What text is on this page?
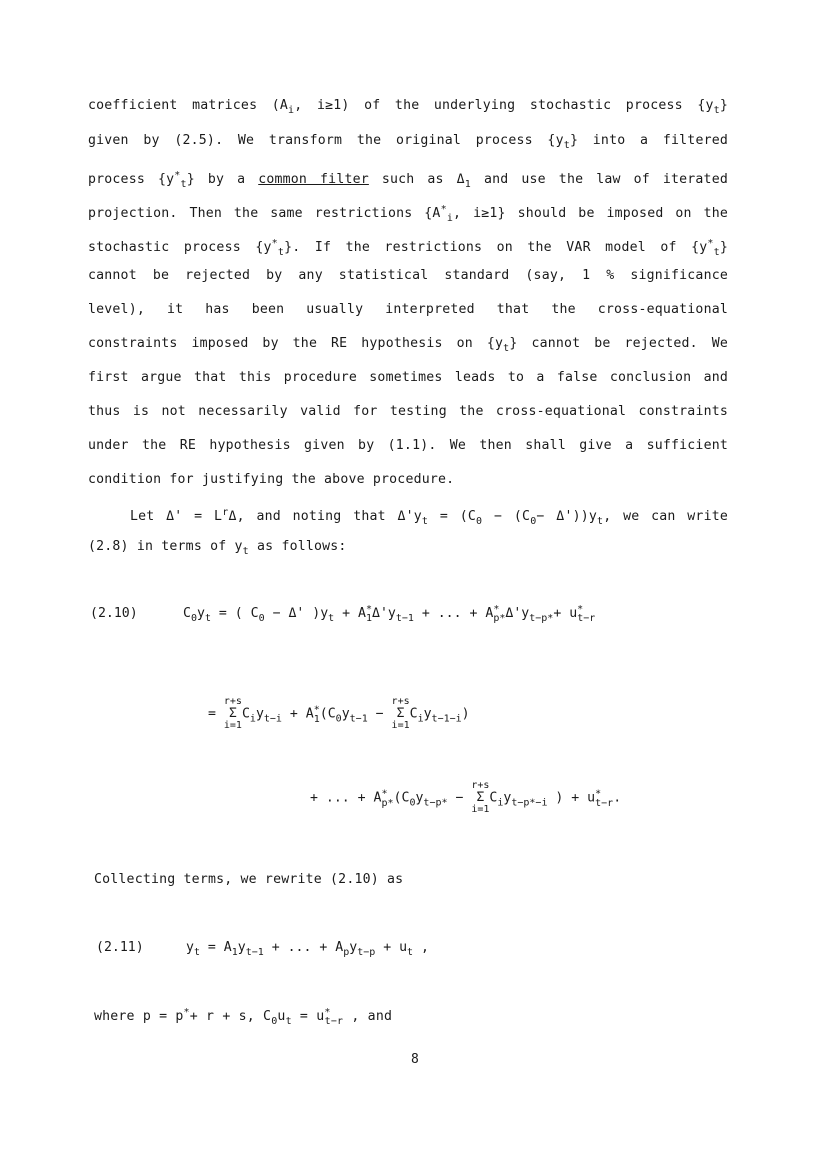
coefficient matrices ($A_i$, i≥1) of the underlying stochastic process $\{y_t\}$
given by (2.5). We transform the original process $\{y_t\}$ into a filtered
process $\{y^*_t\}$ by a common filter such as $\Delta_1$ and use the law of iterated
projection. Then the same restrictions {$A^*_i$, i≥1} should be imposed on the
stochastic process $\{y^*_t\}$. If the restrictions on the VAR model of $\{y^*_t\}$
cannot be rejected by any statistical standard (say, 1 % significance
level), it has been usually interpreted that the cross-equational
constraints imposed by the RE hypothesis on $\{y_t\}$ cannot be rejected. We
first argue that this procedure sometimes leads to a false conclusion and
thus is not necessarily valid for testing the cross-equational constraints
under the RE hypothesis given by (1.1). We then shall give a sufficient
condition for justifying the above procedure.
Let $\Delta' = L^r\Delta$, and noting that $\Delta'y_t = (C_0 - (C_0- \Delta'))y_t$, we can write
(2.8) in terms of $y_t$ as follows:
(2.10)	$C_0y_t$ = ( $C_0 - \Delta'$ )$y_t + A^*_1\Delta'y_{t-1}$ + ... + $A^*_{p*}\Delta'y_{t-p*}+ u^*_{t-r}$
=
r+s
Σ
i=1
$C_iy_{t-i} + A^*_1(C_0y_{t-1}$ −
r+s
Σ
i=1
$C_iy_{t-1-i}$)
+ ... + $A^*_{p*}(C_0y_{t-p*}$ −
r+s
Σ
i=1
$C_iy_{t-p*-i}$ ) + $u^*_{t-r}$.
Collecting terms, we rewrite (2.10) as
(2.11)	$y_t = A_1y_{t-1}$ + ... + $A_py_{t-p} + u_t$ ,
where p = p*+ r + s, $C_0u_t = u^*_{t-r}$ , and
8
